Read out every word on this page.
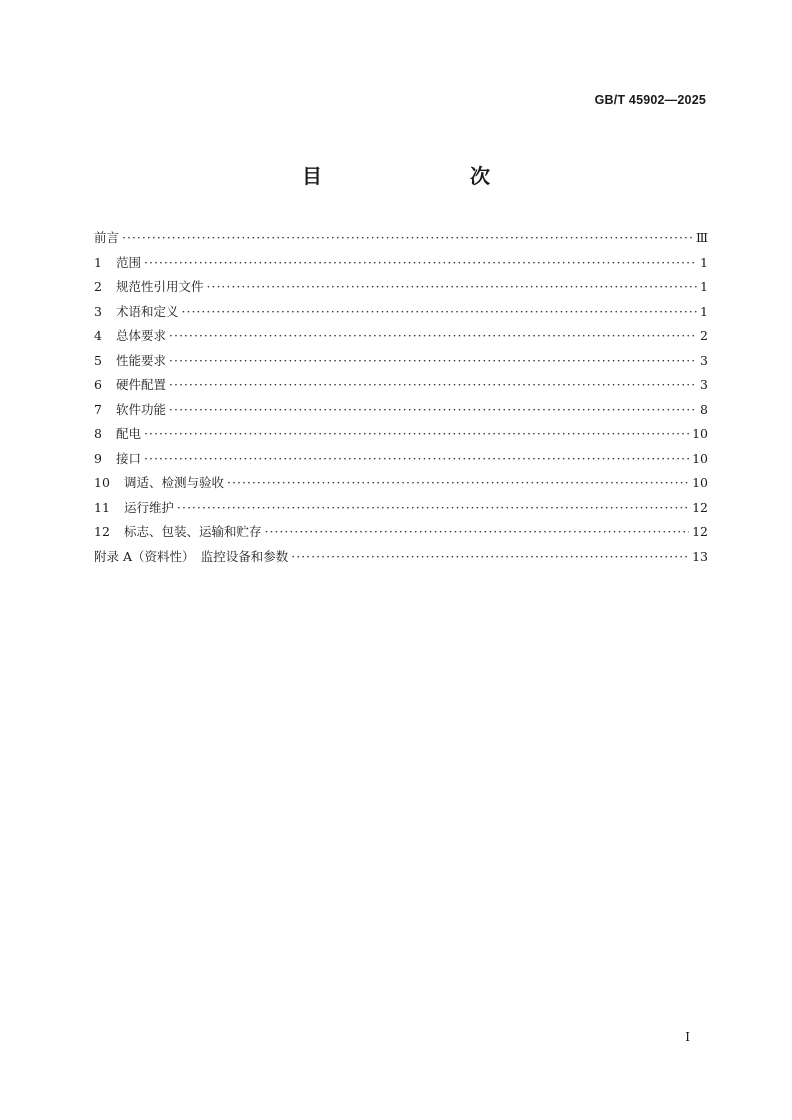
GB/T 45902—2025
目　　次
前言 ·····	Ⅲ
1	范围 ·····	1
2	规范性引用文件 ·····	1
3	术语和定义 ·····	1
4	总体要求 ·····	2
5	性能要求 ·····	3
6	硬件配置 ·····	3
7	软件功能 ·····	8
8	配电 ·····	10
9	接口 ·····	10
10	调适、检测与验收 ·····	10
11	运行维护 ·····	12
12	标志、包装、运输和贮存 ·····	12
附录 A（资料性）　监控设备和参数 ·····	13
I
